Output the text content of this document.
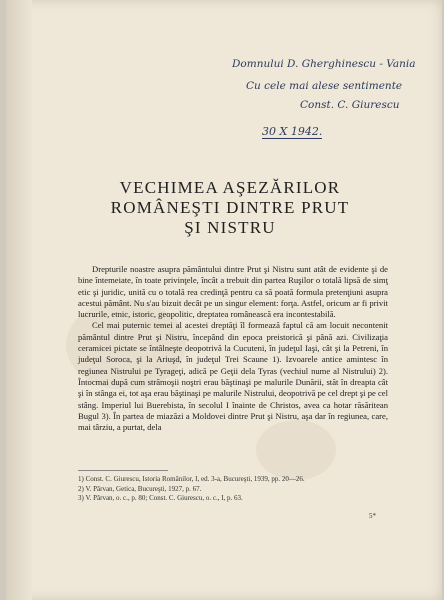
Domnului D. Gherghinescu - Vania
Cu cele mai alese sentimente
Const. C. Giurescu
30 X 1942.
VECHIMEA AŞEZĂRILOR
ROMÂNEŞTI DINTRE PRUT
ŞI NISTRU

Drepturile noastre asupra pământului dintre Prut şi Nistru sunt atât de evidente şi de bine întemeiate, în toate privinţele, încât a trebuit din partea Ruşilor o totală lipsă de simţ etic şi juridic, unită cu o totală rea credinţă pentru ca să poată formula pretenţiuni asupra acestui pământ. Nu s'au bizuit decât pe un singur element: forţa. Astfel, oricum ar fi privit lucrurile, etnic, istoric, geopolitic, dreptatea românească era incontestabilă.

Cel mai puternic temei al acestei dreptăţi îl formează faptul că am locuit necontenit pământul dintre Prut şi Nistru, începând din epoca preistorică şi până azi. Civilizaţia ceramicei pictate se întâlneşte deopotrivă la Cucuteni, în judeţul Iaşi, cât şi la Petreni, în judeţul Soroca, şi la Ariuşd, în judeţul Trei Scaune 1). Izvoarele antice amintesc în regiunea Nistrului pe Tyrageţi, adică pe Geţii dela Tyras (vechiul nume al Nistrului) 2). Întocmai după cum strămoşii noştri erau băştinaşi pe malurile Dunării, stăt în dreapta cât şi în stânga ei, tot aşa erau băştinaşi pe malurile Nistrului, deopotrivă pe cel drept şi pe cel stâng. Imperiul lui Buerebista, în secolul I înainte de Christos, avea ca hotar răsăritean Bugul 3). În partea de miazăzi a Moldovei dintre Prut şi Nistru, aşa dar în regiunea, care, mai târziu, a purtat, dela

1) Const. C. Giurescu, Istoria Românilor, I, ed. 3-a, Bucureşti, 1939, pp. 20—26.
2) V. Pârvan, Getica, Bucureşti, 1927, p. 67.
3) V. Pârvan, o. c., p. 80; Const. C. Giurescu, o. c., I, p. 63.
5*
